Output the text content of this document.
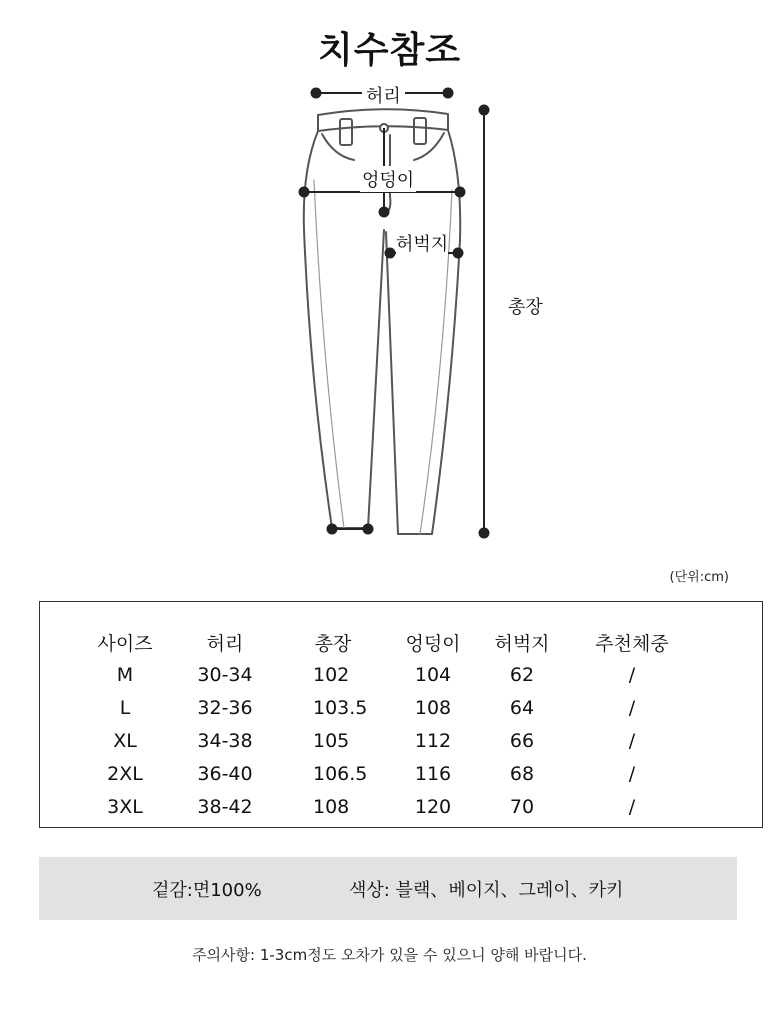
치수참조
허리
엉덩이
허벅지
총장
(단위:cm)
사이즈	허리	총장	엉덩이	허벅지	추천체중
M	30-34	102	104	62	/
L	32-36	103.5	108	64	/
XL	34-38	105	112	66	/
2XL	36-40	106.5	116	68	/
3XL	38-42	108	120	70	/
겉감:면100%	색상: 블랙、베이지、그레이、카키
주의사항: 1-3cm정도 오차가 있을 수 있으니 양해 바랍니다.
